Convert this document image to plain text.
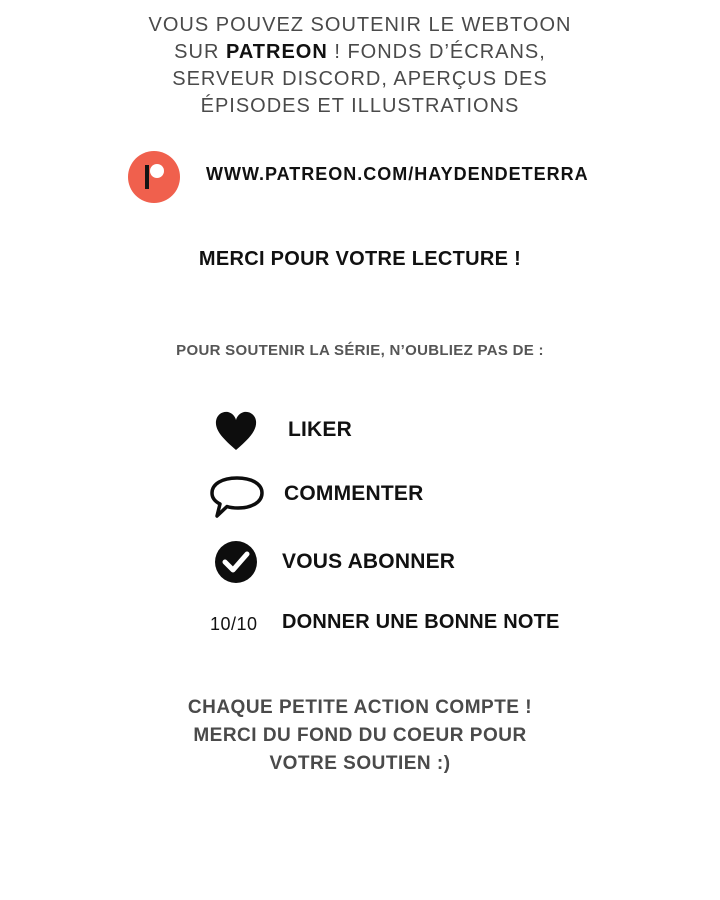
VOUS POUVEZ SOUTENIR LE WEBTOON
SUR PATREON ! FONDS D’ÉCRANS,
SERVEUR DISCORD, APERÇUS DES
ÉPISODES ET ILLUSTRATIONS
WWW.PATREON.COM/HAYDENDETERRA
MERCI POUR VOTRE LECTURE !
POUR SOUTENIR LA SÉRIE, N’OUBLIEZ PAS DE :
LIKER
COMMENTER
VOUS ABONNER
10/10 DONNER UNE BONNE NOTE
CHAQUE PETITE ACTION COMPTE !
MERCI DU FOND DU COEUR POUR
VOTRE SOUTIEN :)
